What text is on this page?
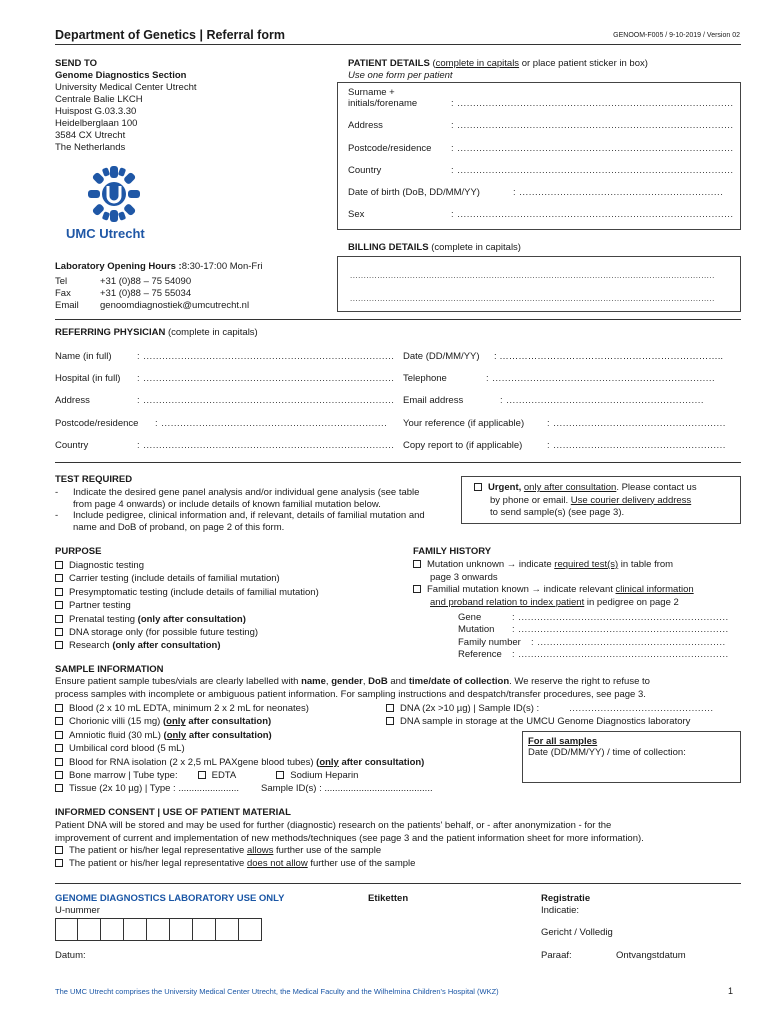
Department of Genetics | Referral form	GENOOM-F005 / 9-10-2019 / Version 02
SEND TO
Genome Diagnostics Section
University Medical Center Utrecht
Centrale Balie LKCH
Huispost G.03.3.30
Heidelberglaan 100
3584 CX Utrecht
The Netherlands
UMC Utrecht
PATIENT DETAILS (complete in capitals or place patient sticker in box)
Use one form per patient
Surname +
initials/forename	: ........................................................................................
Address	: ........................................................................................
Postcode/residence : ........................................................................................
Country	: ........................................................................................
Date of birth (DoB, DD/MM/YY)	: .................................................................
Sex	: ........................................................................................
BILLING DETAILS (complete in capitals)
......................................................................................................................................
......................................................................................................................................
Laboratory Opening Hours :8:30-17:00 Mon-Fri
Tel	+31 (0)88 – 75 54090
Fax	+31 (0)88 – 75 55034
Email genoomdiagnostiek@umcutrecht.nl
REFERRING PHYSICIAN (complete in capitals)
Name (in full)	: ................................................................................
Hospital (in full) : ................................................................................
Address	: ................................................................................
Postcode/residence : ........................................................................
Country	: ................................................................................
Date (DD/MM/YY) : ……………………………………………………………..
Telephone	: .......................................................................
Email address	: ...............................................................
Your reference (if applicable) : .......................................................
Copy report to (if applicable)	: .......................................................
TEST REQUIRED
-	Indicate the desired gene panel analysis and/or individual gene analysis (see table from page 4 onwards) or include details of known familial mutation below.
-	Include pedigree, clinical information and, if relevant, details of familial mutation and name and DoB of proband, on page 2 of this form.
Urgent, only after consultation. Please contact us
by phone or email. Use courier delivery address
to send sample(s) (see page 3).
PURPOSE
Diagnostic testing
Carrier testing (include details of familial mutation)
Presymptomatic testing (include details of familial mutation)
Partner testing
Prenatal testing (only after consultation)
DNA storage only (for possible future testing)
Research (only after consultation)
FAMILY HISTORY
Mutation unknown → indicate required test(s) in table from
page 3 onwards
Familial mutation known → indicate relevant clinical information
and proband relation to index patient in pedigree on page 2
Gene	: ...................................................................
Mutation : ...................................................................
Family number : ............................................................
Reference : ...................................................................
SAMPLE INFORMATION
Ensure patient sample tubes/vials are clearly labelled with name, gender, DoB and time/date of collection. We reserve the right to refuse to
process samples with incomplete or ambiguous patient information. For sampling instructions and despatch/transfer procedures, see page 3.
Blood (2 x 10 mL EDTA, minimum 2 x 2 mL for neonates)
Chorionic villi (15 mg) (only after consultation)
Amniotic fluid (30 mL) (only after consultation)
Umbilical cord blood (5 mL)
Blood for RNA isolation (2 x 2,5 mL PAXgene blood tubes) (only after consultation)
Bone marrow | Tube type:	EDTA	Sodium Heparin
Tissue (2x 10 µg) | Type : ....................... Sample ID(s) : .........................................
DNA (2x >10 µg) | Sample ID(s) :	..............................................
DNA sample in storage at the UMCU Genome Diagnostics laboratory
For all samples
Date (DD/MM/YY) / time of collection:
INFORMED CONSENT | USE OF PATIENT MATERIAL
Patient DNA will be stored and may be used for further (diagnostic) research on the patients' behalf, or - after anonymization - for the
improvement of current and implementation of new methods/techniques (see page 3 and the patient information sheet for more information).
The patient or his/her legal representative allows further use of the sample
The patient or his/her legal representative does not allow further use of the sample
GENOME DIAGNOSTICS LABORATORY USE ONLY
U-nummer
Datum:
Etiketten	Registratie
Indicatie:
Gericht / Volledig
Paraaf:	Ontvangstdatum
The UMC Utrecht comprises the University Medical Center Utrecht, the Medical Faculty and the Wilhelmina Children's Hospital (WKZ)	1
